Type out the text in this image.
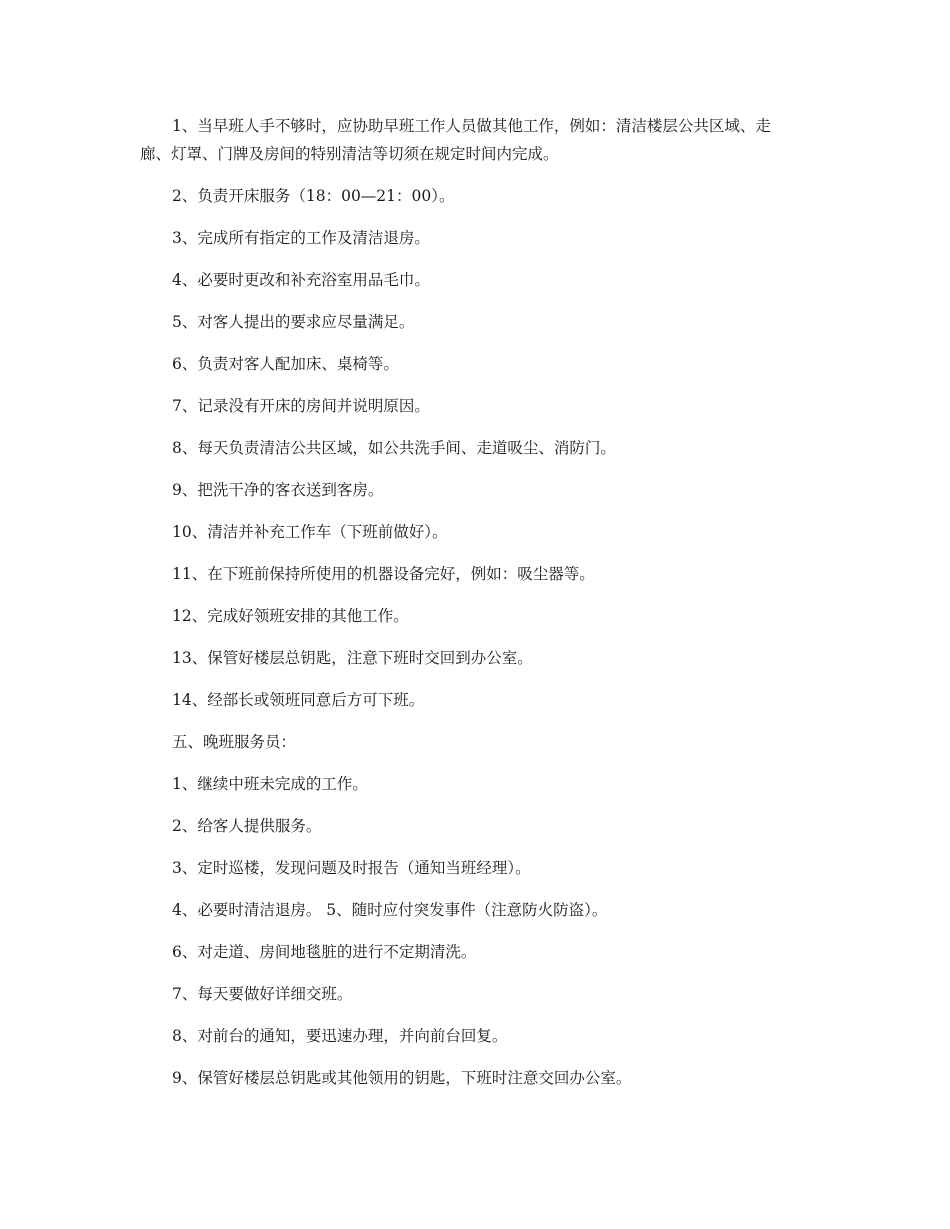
1、当早班人手不够时，应协助早班工作人员做其他工作，例如：清洁楼层公共区域、走廊、灯罩、门牌及房间的特别清洁等切须在规定时间内完成。

2、负责开床服务（18：00—21：00）。

3、完成所有指定的工作及清洁退房。

4、必要时更改和补充浴室用品毛巾。

5、对客人提出的要求应尽量满足。

6、负责对客人配加床、桌椅等。

7、记录没有开床的房间并说明原因。

8、每天负责清洁公共区域，如公共洗手间、走道吸尘、消防门。

9、把洗干净的客衣送到客房。

10、清洁并补充工作车（下班前做好）。

11、在下班前保持所使用的机器设备完好，例如：吸尘器等。

12、完成好领班安排的其他工作。

13、保管好楼层总钥匙，注意下班时交回到办公室。

14、经部长或领班同意后方可下班。

五、晚班服务员：

1、继续中班未完成的工作。

2、给客人提供服务。

3、定时巡楼，发现问题及时报告（通知当班经理）。

4、必要时清洁退房。 5、随时应付突发事件（注意防火防盗）。

6、对走道、房间地毯脏的进行不定期清洗。

7、每天要做好详细交班。

8、对前台的通知，要迅速办理，并向前台回复。

9、保管好楼层总钥匙或其他领用的钥匙，下班时注意交回办公室。
